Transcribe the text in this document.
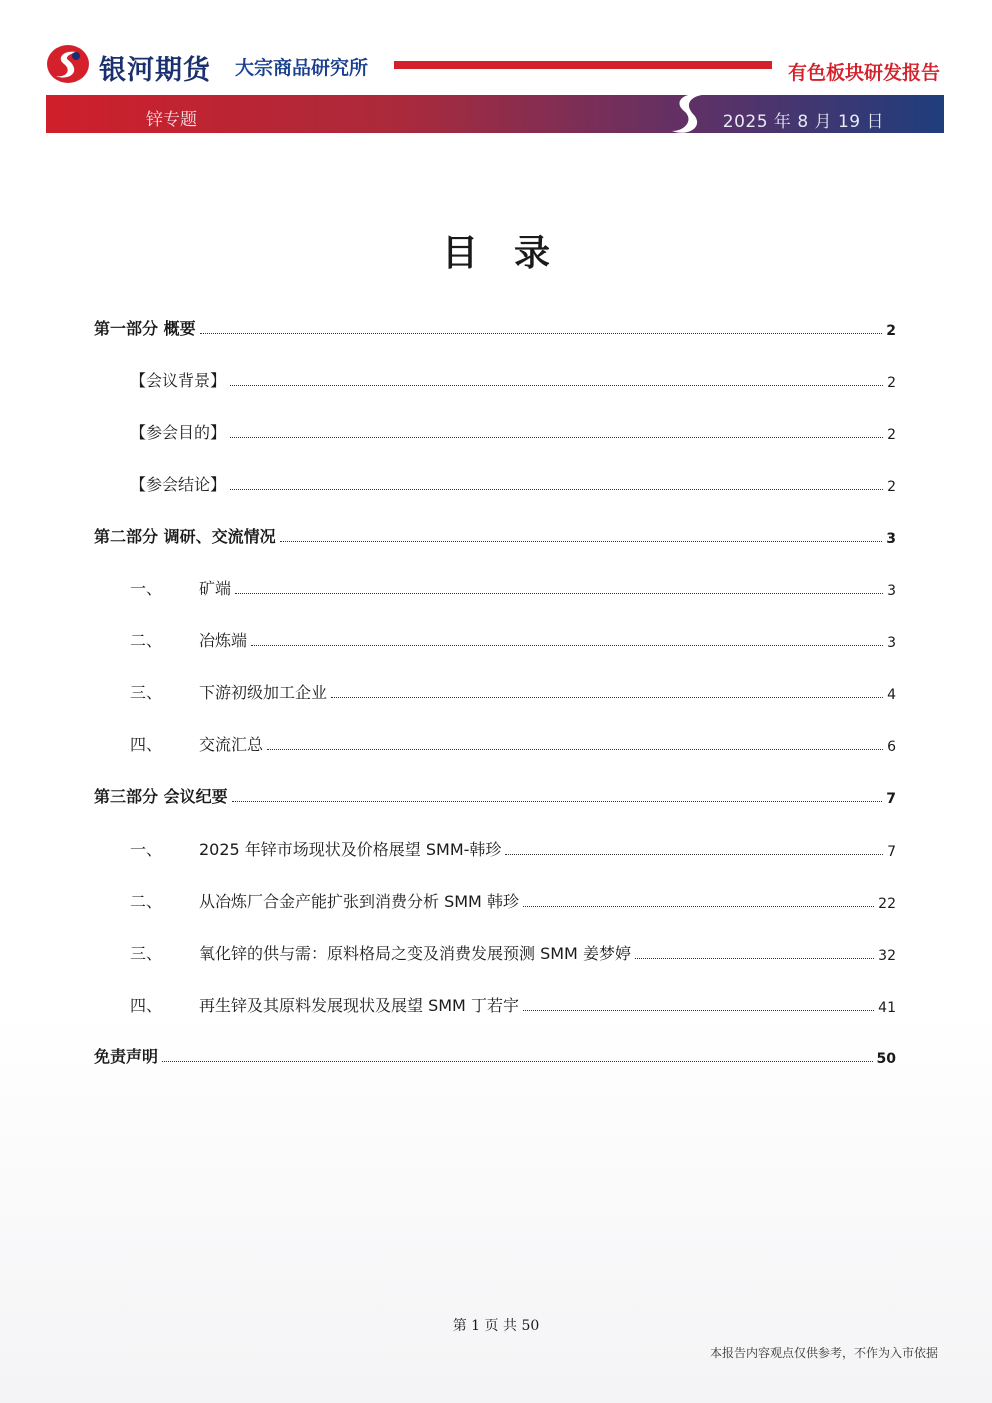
银河期货 大宗商品研究所	有色板块研发报告
锌专题	2025 年 8 月 19 日
目录
第一部分 概要	2
【会议背景】	2
【参会目的】	2
【参会结论】	2
第二部分 调研、交流情况	3
一、	矿端	3
二、	冶炼端	3
三、	下游初级加工企业	4
四、	交流汇总	6
第三部分 会议纪要	7
一、	2025 年锌市场现状及价格展望 SMM-韩珍	7
二、	从冶炼厂合金产能扩张到消费分析 SMM 韩珍	22
三、	氧化锌的供与需：原料格局之变及消费发展预测 SMM 姜梦婷	32
四、	再生锌及其原料发展现状及展望 SMM 丁若宇	41
免责声明	50
第 1 页 共 50
本报告内容观点仅供参考，不作为入市依据
